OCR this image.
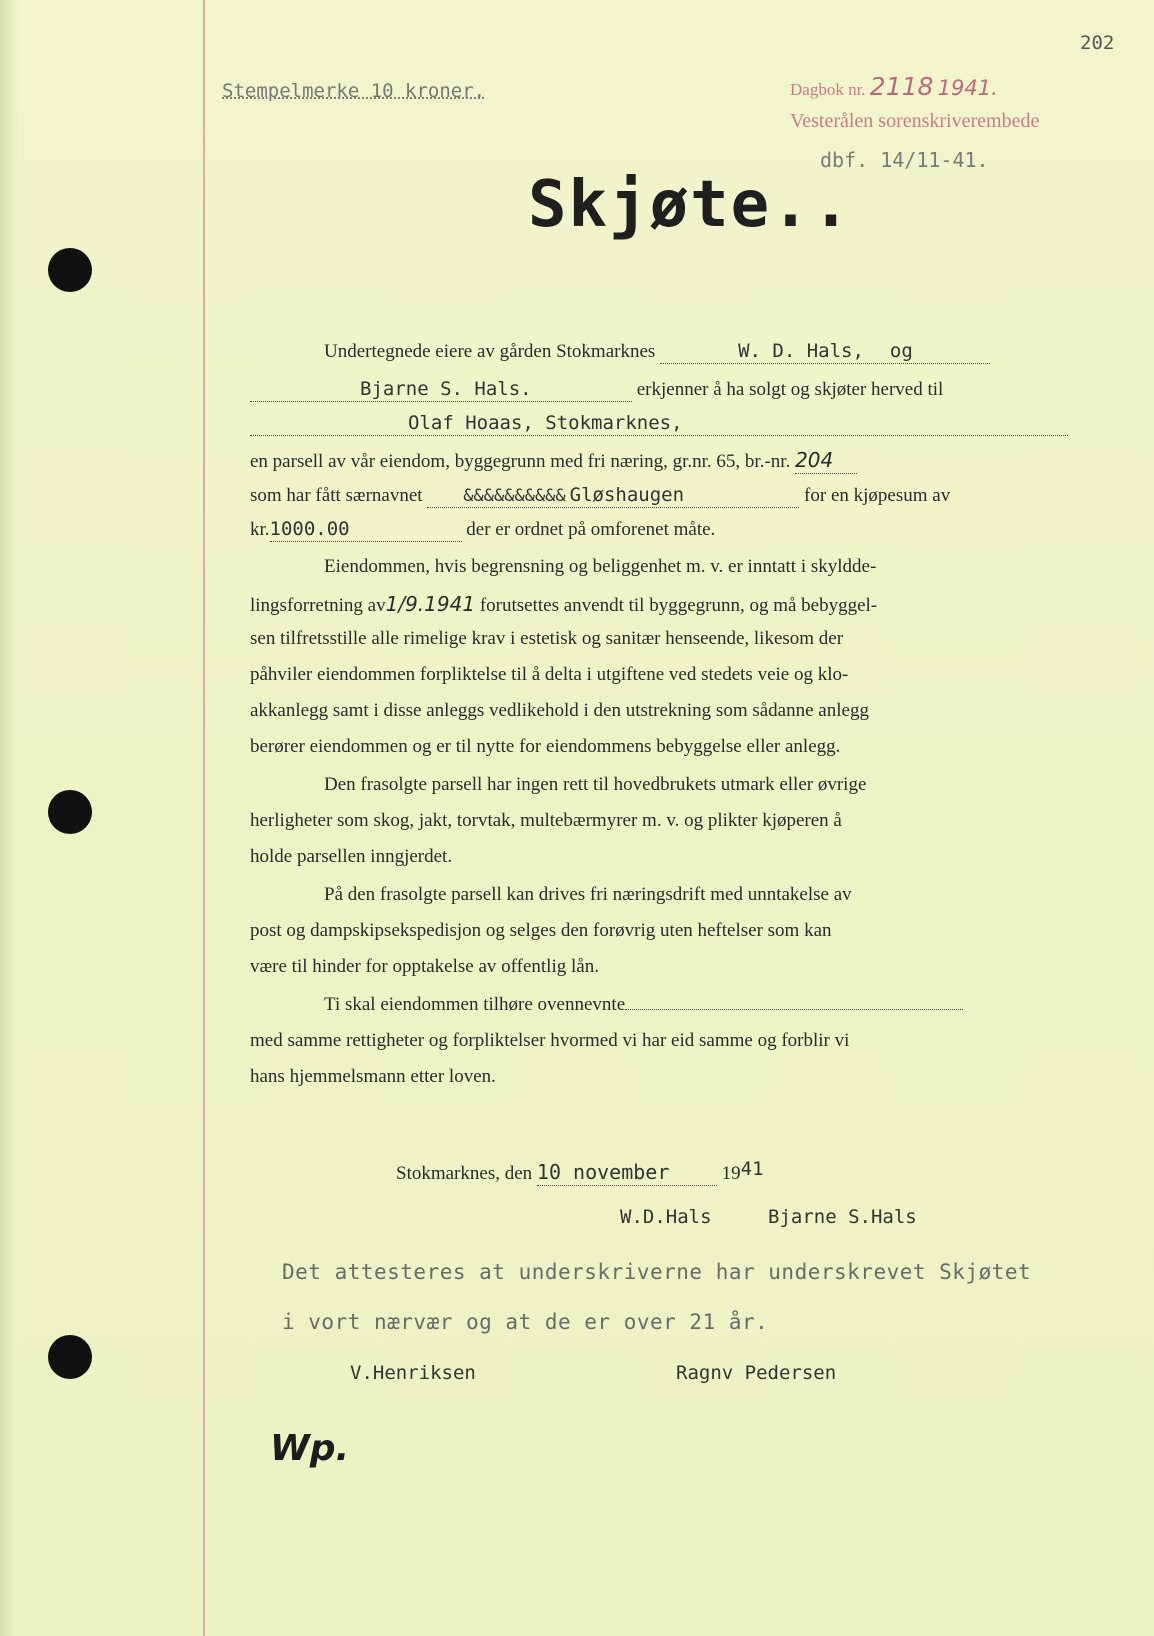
202
Stempelmerke 10 kroner.	Dagbok nr. 2118 1941.
Vesterålen sorenskriverembede
dbf. 14/11-41.
Skjøte..
Undertegnede eiere av gården Stokmarknes	W. D. Hals, og
Bjarne S. Hals.	erkjenner å ha solgt og skjøter herved til
Olaf Hoaas, Stokmarknes,
en parsell av vår eiendom, byggegrunn med fri næring, gr.nr. 65, br.-nr. 204
som har fått særnavnet &&&&&&&&&& Gløshaugen	for en kjøpesum av
kr.1000.00	der er ordnet på omforenet måte.
Eiendommen, hvis begrensning og beliggenhet m. v. er inntatt i skyldde-
lingsforretning av1/9.1941 forutsettes anvendt til byggegrunn, og må bebyggel-
sen tilfretsstille alle rimelige krav i estetisk og sanitær henseende, likesom der
påhviler eiendommen forpliktelse til å delta i utgiftene ved stedets veie og klo-
akkanlegg samt i disse anleggs vedlikehold i den utstrekning som sådanne anlegg
berører eiendommen og er til nytte for eiendommens bebyggelse eller anlegg.
Den frasolgte parsell har ingen rett til hovedbrukets utmark eller øvrige
herligheter som skog, jakt, torvtak, multebærmyrer m. v. og plikter kjøperen å
holde parsellen inngjerdet.
På den frasolgte parsell kan drives fri næringsdrift med unntakelse av
post og dampskipsekspedisjon og selges den forøvrig uten heftelser som kan
være til hinder for opptakelse av offentlig lån.
Ti skal eiendommen tilhøre ovennevnte
med samme rettigheter og forpliktelser hvormed vi har eid samme og forblir vi
hans hjemmelsmann etter loven.
Stokmarknes, den 10 november	1941
W.D.Hals	Bjarne S.Hals
Det attesteres at underskriverne har underskrevet Skjøtet
i vort nærvær og at de er over 21 år.
V.Henriksen	Ragnv Pedersen
Wp.
